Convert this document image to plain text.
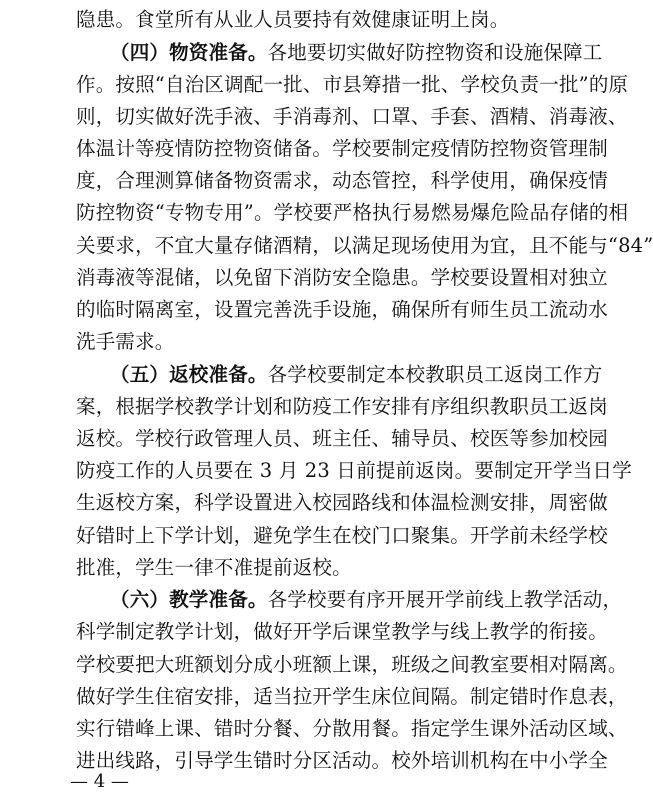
隐患。食堂所有从业人员要持有效健康证明上岗。
（四）物资准备。各地要切实做好防控物资和设施保障工
作。按照“自治区调配一批、市县筹措一批、学校负责一批”的原
则，切实做好洗手液、手消毒剂、口罩、手套、酒精、消毒液、
体温计等疫情防控物资储备。学校要制定疫情防控物资管理制
度，合理测算储备物资需求，动态管控，科学使用，确保疫情
防控物资“专物专用”。学校要严格执行易燃易爆危险品存储的相
关要求，不宜大量存储酒精，以满足现场使用为宜，且不能与“84”
消毒液等混储，以免留下消防安全隐患。学校要设置相对独立
的临时隔离室，设置完善洗手设施，确保所有师生员工流动水
洗手需求。
（五）返校准备。各学校要制定本校教职员工返岗工作方
案，根据学校教学计划和防疫工作安排有序组织教职员工返岗
返校。学校行政管理人员、班主任、辅导员、校医等参加校园
防疫工作的人员要在 3 月 23 日前提前返岗。要制定开学当日学
生返校方案，科学设置进入校园路线和体温检测安排，周密做
好错时上下学计划，避免学生在校门口聚集。开学前未经学校
批准，学生一律不准提前返校。
（六）教学准备。各学校要有序开展开学前线上教学活动，
科学制定教学计划，做好开学后课堂教学与线上教学的衔接。
学校要把大班额划分成小班额上课，班级之间教室要相对隔离。
做好学生住宿安排，适当拉开学生床位间隔。制定错时作息表，
实行错峰上课、错时分餐、分散用餐。指定学生课外活动区域、
进出线路，引导学生错时分区活动。校外培训机构在中小学全
— 4 —
